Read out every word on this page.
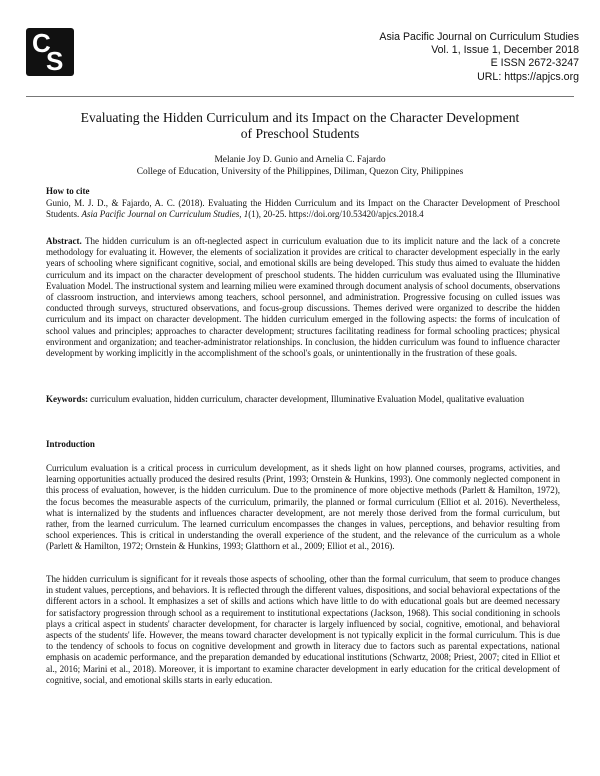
C
S
Asia Pacific Journal on Curriculum Studies
Vol. 1, Issue 1, December 2018
E ISSN 2672-3247
URL: https://apjcs.org
Evaluating the Hidden Curriculum and its Impact on the Character Development
of Preschool Students
Melanie Joy D. Gunio and Arnelia C. Fajardo
College of Education, University of the Philippines, Diliman, Quezon City, Philippines
How to cite
Gunio, M. J. D., & Fajardo, A. C. (2018). Evaluating the Hidden Curriculum and its Impact on the Character Development of Preschool Students. Asia Pacific Journal on Curriculum Studies, 1(1), 20-25. https://doi.org/10.53420/apjcs.2018.4
Abstract. The hidden curriculum is an oft-neglected aspect in curriculum evaluation due to its implicit nature and the lack of a concrete methodology for evaluating it. However, the elements of socialization it provides are critical to character development especially in the early years of schooling where significant cognitive, social, and emotional skills are being developed. This study thus aimed to evaluate the hidden curriculum and its impact on the character development of preschool students. The hidden curriculum was evaluated using the Illuminative Evaluation Model. The instructional system and learning milieu were examined through document analysis of school documents, observations of classroom instruction, and interviews among teachers, school personnel, and administration. Progressive focusing on culled issues was conducted through surveys, structured observations, and focus-group discussions. Themes derived were organized to describe the hidden curriculum and its impact on character development. The hidden curriculum emerged in the following aspects: the forms of inculcation of school values and principles; approaches to character development; structures facilitating readiness for formal schooling practices; physical environment and organization; and teacher-administrator relationships. In conclusion, the hidden curriculum was found to influence character development by working implicitly in the accomplishment of the school's goals, or unintentionally in the frustration of these goals.
Keywords: curriculum evaluation, hidden curriculum, character development, Illuminative Evaluation Model, qualitative evaluation
Introduction
Curriculum evaluation is a critical process in curriculum development, as it sheds light on how planned courses, programs, activities, and learning opportunities actually produced the desired results (Print, 1993; Ornstein & Hunkins, 1993). One commonly neglected component in this process of evaluation, however, is the hidden curriculum. Due to the prominence of more objective methods (Parlett & Hamilton, 1972), the focus becomes the measurable aspects of the curriculum, primarily, the planned or formal curriculum (Elliot et al. 2016). Nevertheless, what is internalized by the students and influences character development, are not merely those derived from the formal curriculum, but rather, from the learned curriculum. The learned curriculum encompasses the changes in values, perceptions, and behavior resulting from school experiences. This is critical in understanding the overall experience of the student, and the relevance of the curriculum as a whole (Parlett & Hamilton, 1972; Ornstein & Hunkins, 1993; Glatthorn et al., 2009; Elliot et al., 2016).
The hidden curriculum is significant for it reveals those aspects of schooling, other than the formal curriculum, that seem to produce changes in student values, perceptions, and behaviors. It is reflected through the different values, dispositions, and social behavioral expectations of the different actors in a school. It emphasizes a set of skills and actions which have little to do with educational goals but are deemed necessary for satisfactory progression through school as a requirement to institutional expectations (Jackson, 1968). This social conditioning in schools plays a critical aspect in students' character development, for character is largely influenced by social, cognitive, emotional, and behavioral aspects of the students' life. However, the means toward character development is not typically explicit in the formal curriculum. This is due to the tendency of schools to focus on cognitive development and growth in literacy due to factors such as parental expectations, national emphasis on academic performance, and the preparation demanded by educational institutions (Schwartz, 2008; Priest, 2007; cited in Elliot et al., 2016; Marini et al., 2018). Moreover, it is important to examine character development in early education for the critical development of cognitive, social, and emotional skills starts in early education.
